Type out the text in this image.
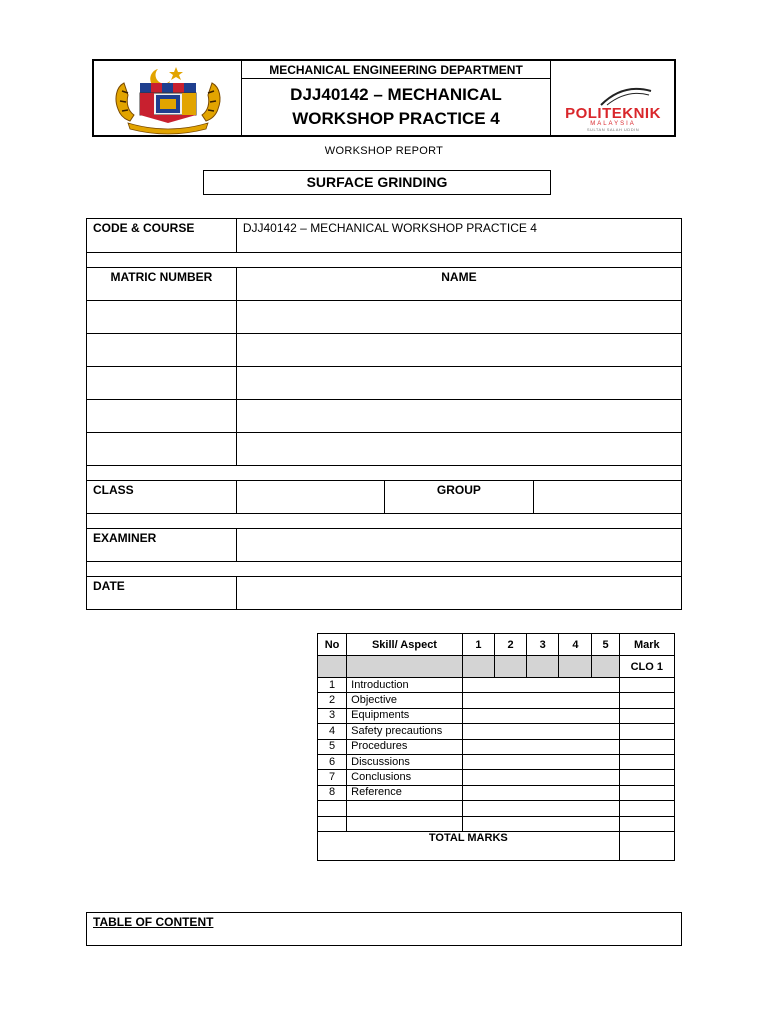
MECHANICAL ENGINEERING DEPARTMENT
DJJ40142 – MECHANICAL
WORKSHOP PRACTICE 4	POLITEKNIK
MALAYSIA
SULTAN SALAH UDDIN
WORKSHOP REPORT
SURFACE GRINDING
CODE & COURSE	DJJ40142 – MECHANICAL WORKSHOP PRACTICE 4		

MATRIC NUMBER	NAME		

CLASS		GROUP	

EXAMINER			

DATE			
No	Skill/ Aspect	1	2	3	4	5	Mark
							CLO 1
1	Introduction						
2	Objective						
3	Equipments						
4	Safety precautions						
5	Procedures						
6	Discussions						
7	Conclusions						
8	Reference						

TOTAL MARKS							
TABLE OF CONTENT
